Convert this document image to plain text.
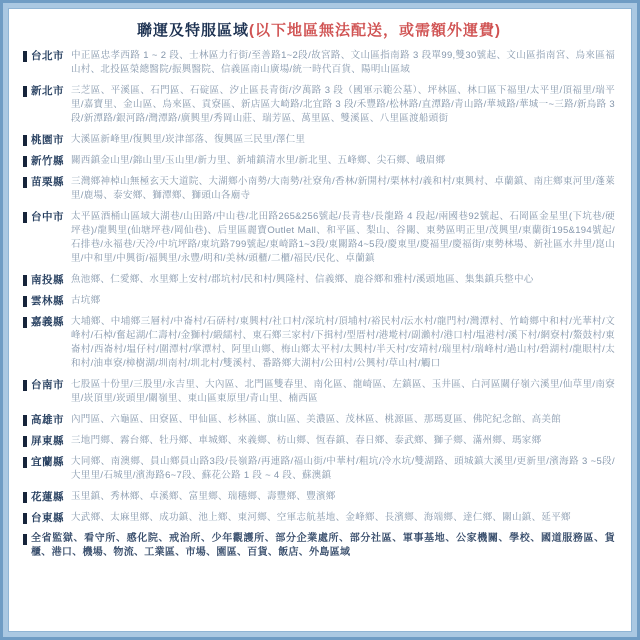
聯運及特服區域(以下地區無法配送，或需額外運費)
台北市 中正區忠孝西路 1 ~ 2 段、士林區力行街/至善路1~2段/故宮路、文山區指南路 3 段單99,雙30號起、文山區指南宮、烏來區福山村、北投區榮總醫院/振興醫院、信義區南山廣場/統一時代百貨、陽明山區域
新北市 三芝區、平溪區、石門區、石碇區、汐止區長青街/汐萬路 3 段（國軍示範公墓）、坪林區、林口區下福里/太平里/頂福里/瑞平里/嘉寶里、金山區、烏來區、貢寮區、新店區大崎路/北宜路 3 段/禾豐路/松林路/直潭路/青山路/華城路/華城一~三路/新烏路 3 段/新潭路/銀河路/灣潭路/廣興里/秀岡山莊、瑞芳區、萬里區、雙溪區、八里區渡船頭街
桃園市 大溪區新峰里/復興里/崁津部落、復興區三民里/澤仁里
新竹縣 關西鎮金山里/錦山里/玉山里/新力里、新埔鎮清水里/新北里、五峰鄉、尖石鄉、峨眉鄉
苗栗縣 三灣鄉神棹山無極玄天大道院、大湖鄉小南勢/大南勢/社寮角/香林/新開村/栗林村/義和村/東興村、卓蘭鎮、南庄鄉東河里/蓬萊里/鹿場、泰安鄉、獅潭鄉、獅頭山各廟寺
台中市 太平區酒桶山區域大湖巷/山田路/中山巷/北田路265&256號起/長青巷/長龍路 4 段起/兩國巷92號起、石岡區金星里(下坑巷/硬坪巷)/龍興里(仙塘坪巷/岡仙巷)、后里區麗寶Outlet Mall、和平區、梨山、谷關、東勢區明正里/茂興里/東蘭街195&194號起/石排巷/永福巷/天冷/中坑坪路/東坑路799號起/東崎路1~3段/東關路4~5段/慶東里/慶福里/慶福街/東勢林場、新社區水井里/崑山里/中和里/中興街/福興里/永豐/明和/美林/頭櫃/二櫃/福民/民化、卓蘭鎮
南投縣 魚池鄉、仁愛鄉、水里鄉上安村/郡坑村/民和村/興隆村、信義鄉、鹿谷鄉和雅村/溪頭地區、集集鎮兵整中心
雲林縣 古坑鄉
嘉義縣 大埔鄉、中埔鄉三層村/中崙村/石硦村/東興村/社口村/深坑村/頂埔村/裕民村/沄水村/龍門村/灣潭村、竹崎鄉中和村/光華村/文峰村/石棹/奮起湖/仁壽村/金獅村/緞繻村、東石鄉三家村/下揖村/型厝村/港墘村/副瀨村/港口村/塭港村/溪下村/網寮村/鰲鼓村/東崙村/西崙村/塭仔村/圍潭村/掌潭村、阿里山鄉、梅山鄉太平村/太興村/半天村/安靖村/瑞里村/瑞峰村/過山村/碧湖村/龍眼村/太和村/油車寮/樟樹湖/圳南村/圳北村/雙溪村、番路鄉大湖村/公田村/公興村/草山村/觸口
台南市 七股區十份里/三股里/永吉里、大內區、北門區雙春里、南化區、龍崎區、左鎮區、玉井區、白河區關仔嶺六溪里/仙草里/南寮里/崁頂里/崁頭里/關嶺里、東山區東原里/青山里、楠西區
高雄市 內門區、六龜區、田寮區、甲仙區、杉林區、旗山區、美濃區、茂林區、桃源區、那瑪夏區、佛陀紀念館、高美館
屏東縣 三地門鄉、霧台鄉、牡丹鄉、車城鄉、來義鄉、枋山鄉、恆春鎮、春日鄉、泰武鄉、獅子鄉、滿州鄉、瑪家鄉
宜蘭縣 大同鄉、南澳鄉、員山鄉員山路3段/長嶺路/再連路/福山街/中華村/粗坑/冷水坑/雙湖路、頭城鎮大溪里/更新里/濱海路 3 ~5段/大里里/石城里/濱海路6~7段、蘇花公路 1 段 ~ 4 段、蘇澳鎮
花蓮縣 玉里鎮、秀林鄉、卓溪鄉、富里鄉、瑞穗鄉、壽豐鄉、豐濱鄉
台東縣 大武鄉、太麻里鄉、成功鎮、池上鄉、東河鄉、空軍志航基地、金峰鄉、長濱鄉、海端鄉、達仁鄉、關山鎮、延平鄉
全省監獄、看守所、感化院、戒治所、少年觀護所、部分企業處所、部分社區、軍事基地、公家機關、學校、國道服務區、貨櫃、港口、機場、物流、工業區、市場、園區、百貨、飯店、外島區域
